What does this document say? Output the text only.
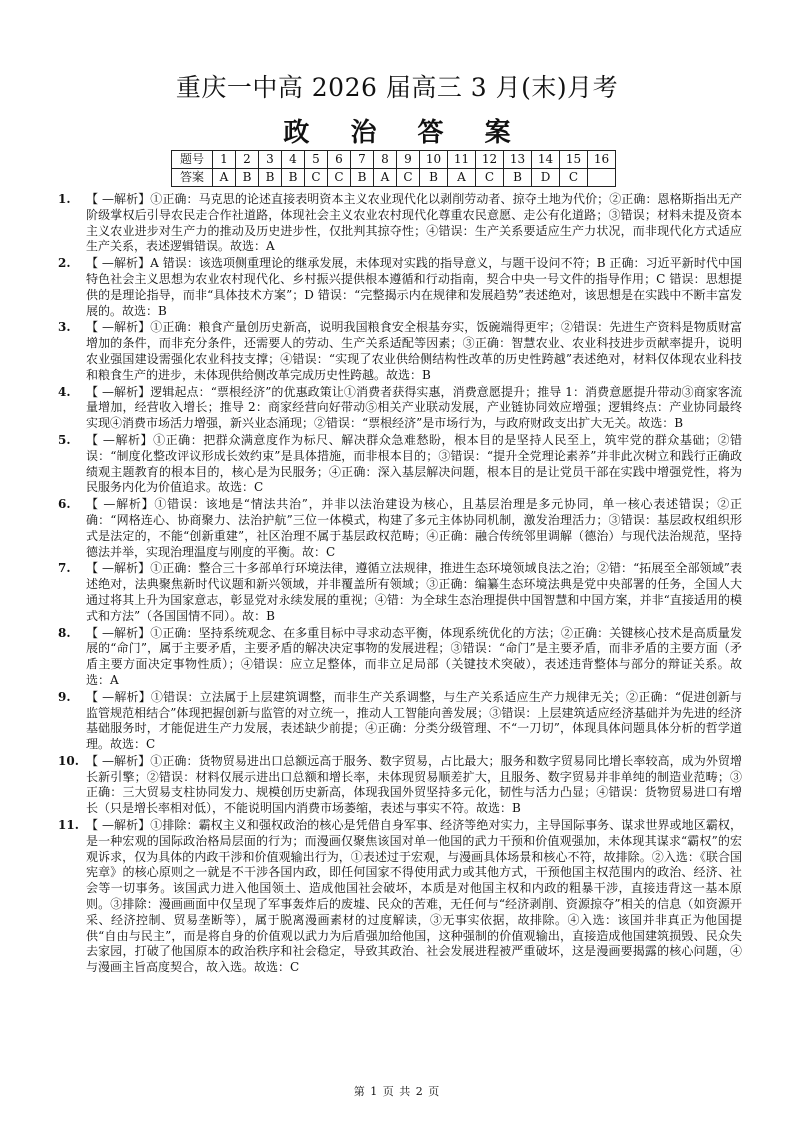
重庆一中高 2026 届高三 3 月(末)月考
政 治 答 案
题号	1	2	3	4	5	6	7	8	9	10	11	12	13	14	15	16
答案	A	B	B	B	C	C	B	A	C	B	A	C	B	D	C	
1. 【 —解析】①正确：马克思的论述直接表明资本主义农业现代化以剥削劳动者、掠夺土地为代价；②正确：恩格斯指出无产阶级掌权后引导农民走合作社道路，体现社会主义农业农村现代化尊重农民意愿、走公有化道路；③错误；材料未提及资本主义农业进步对生产力的推动及历史进步性，仅批判其掠夺性；④错误：生产关系要适应生产力状况，而非现代化方式适应生产关系，表述逻辑错误。故选：A

2. 【 —解析】A 错误：该选项侧重理论的继承发展，未体现对实践的指导意义，与题干设问不符；B 正确：习近平新时代中国特色社会主义思想为农业农村现代化、乡村振兴提供根本遵循和行动指南，契合中央一号文件的指导作用；C 错误：思想提供的是理论指导，而非“具体技术方案”；D 错误：“完整揭示内在规律和发展趋势”表述绝对，该思想是在实践中不断丰富发展的。故选：B

3. 【 —解析】①正确：粮食产量创历史新高，说明我国粮食安全根基夯实，饭碗端得更牢；②错误：先进生产资料是物质财富增加的条件，而非充分条件，还需要人的劳动、生产关系适配等因素；③正确：智慧农业、农业科技进步贡献率提升，说明农业强国建设需强化农业科技支撑；④错误：“实现了农业供给侧结构性改革的历史性跨越”表述绝对，材料仅体现农业科技和粮食生产的进步，未体现供给侧改革完成历史性跨越。故选：B

4. 【 —解析】逻辑起点：“票根经济”的优惠政策让①消费者获得实惠，消费意愿提升；推导 1：消费意愿提升带动③商家客流量增加，经营收入增长；推导 2：商家经营向好带动⑤相关产业联动发展，产业链协同效应增强；逻辑终点：产业协同最终实现④消费市场活力增强，新兴业态涌现；②错误：“票根经济”是市场行为，与政府财政支出扩大无关。故选：B

5. 【 —解析】①正确：把群众满意度作为标尺、解决群众急难愁盼，根本目的是坚持人民至上，筑牢党的群众基础；②错误：“制度化整改评议形成长效约束”是具体措施，而非根本目的；③错误：“提升全党理论素养”并非此次树立和践行正确政绩观主题教育的根本目的，核心是为民服务；④正确：深入基层解决问题，根本目的是让党员干部在实践中增强党性，将为民服务内化为价值追求。故选：C

6. 【 —解析】①错误：该地是“情法共治”，并非以法治建设为核心，且基层治理是多元协同，单一核心表述错误；②正确：“网格连心、协商聚力、法治护航”三位一体模式，构建了多元主体协同机制，激发治理活力；③错误：基层政权组织形式是法定的，不能“创新重建”，社区治理不属于基层政权范畴；④正确：融合传统邻里调解（德治）与现代法治规范，坚持德法并举，实现治理温度与刚度的平衡。故：C

7. 【 —解析】①正确：整合三十多部单行环境法律，遵循立法规律，推进生态环境领域良法之治；②错：“拓展至全部领域”表述绝对，法典聚焦新时代议题和新兴领域，并非覆盖所有领域；③正确：编纂生态环境法典是党中央部署的任务，全国人大通过将其上升为国家意志，彰显党对永续发展的重视；④错：为全球生态治理提供中国智慧和中国方案，并非“直接适用的模式和方法”（各国国情不同）。故：B

8. 【 —解析】①正确：坚持系统观念、在多重目标中寻求动态平衡，体现系统优化的方法；②正确：关键核心技术是高质量发展的“命门”，属于主要矛盾，主要矛盾的解决决定事物的发展进程；③错误：“命门”是主要矛盾，而非矛盾的主要方面（矛盾主要方面决定事物性质）；④错误：应立足整体，而非立足局部（关键技术突破），表述违背整体与部分的辩证关系。故选：A

9. 【 —解析】①错误：立法属于上层建筑调整，而非生产关系调整，与生产关系适应生产力规律无关；②正确：“促进创新与监管规范相结合”体现把握创新与监管的对立统一，推动人工智能向善发展；③错误：上层建筑适应经济基础并为先进的经济基础服务时，才能促进生产力发展，表述缺少前提；④正确：分类分级管理、不“一刀切”，体现具体问题具体分析的哲学道理。故选：C

10. 【 —解析】①正确：货物贸易进出口总额远高于服务、数字贸易，占比最大；服务和数字贸易同比增长率较高，成为外贸增长新引擎；②错误：材料仅展示进出口总额和增长率，未体现贸易顺差扩大，且服务、数字贸易并非单纯的制造业范畴；③正确：三大贸易支柱协同发力、规模创历史新高，体现我国外贸坚持多元化，韧性与活力凸显；④错误：货物贸易进口有增长（只是增长率相对低），不能说明国内消费市场萎缩，表述与事实不符。故选：B

11. 【 —解析】①排除：霸权主义和强权政治的核心是凭借自身军事、经济等绝对实力，主导国际事务、谋求世界或地区霸权，是一种宏观的国际政治格局层面的行为；而漫画仅聚焦该国对单一他国的武力干预和价值观强加，未体现其谋求“霸权”的宏观诉求，仅为具体的内政干涉和价值观输出行为，①表述过于宏观，与漫画具体场景和核心不符，故排除。②入选：《联合国宪章》的核心原则之一就是不干涉各国内政，即任何国家不得使用武力或其他方式，干预他国主权范围内的政治、经济、社会等一切事务。该国武力进入他国领土、造成他国社会破坏，本质是对他国主权和内政的粗暴干涉，直接违背这一基本原则。③排除：漫画画面中仅呈现了军事轰炸后的废墟、民众的苦难，无任何与“经济剥削、资源掠夺”相关的信息（如资源开采、经济控制、贸易垄断等），属于脱离漫画素材的过度解读，③无事实依据，故排除。④入选：该国并非真正为他国提供“自由与民主”，而是将自身的价值观以武力为后盾强加给他国，这种强制的价值观输出，直接造成他国建筑损毁、民众失去家园，打破了他国原本的政治秩序和社会稳定，导致其政治、社会发展进程被严重破坏，这是漫画要揭露的核心问题，④与漫画主旨高度契合，故入选。故选：C

第 1 页 共 2 页
